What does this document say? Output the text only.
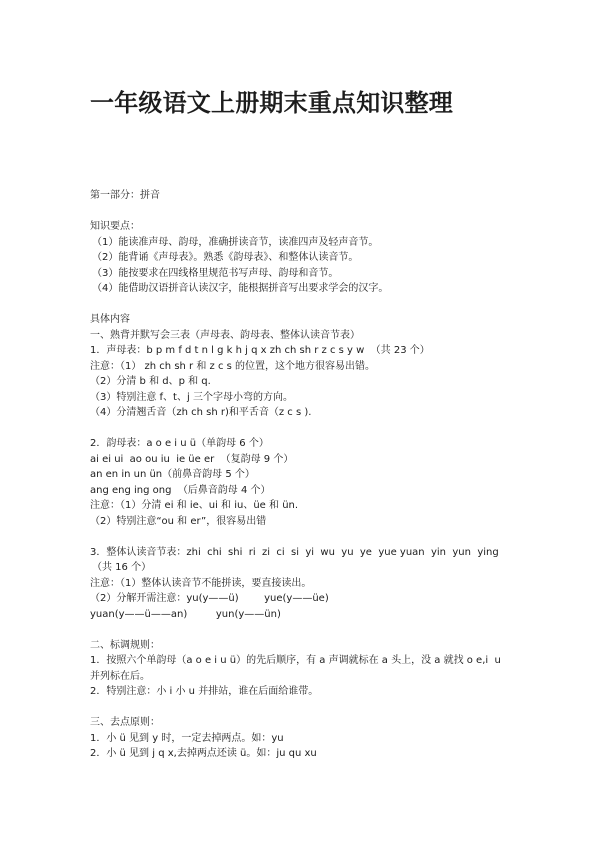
一年级语文上册期末重点知识整理
第一部分：拼音
知识要点：
（1）能读准声母、韵母，准确拼读音节，读准四声及轻声音节。
（2）能背诵《声母表》。熟悉《韵母表》、和整体认读音节。
（3）能按要求在四线格里规范书写声母、韵母和音节。
（4）能借助汉语拼音认读汉字，能根据拼音写出要求学会的汉字。
具体内容
一、熟背并默写会三表（声母表、韵母表、整体认读音节表）
1．声母表：b p m f d t n l g k h j q x zh ch sh r z c s y w  （共 23 个）
注意：（1） zh ch sh r 和 z c s 的位置，这个地方很容易出错。
（2）分清 b 和 d、p 和 q.
（3）特别注意 f、t、j 三个字母小弯的方向。
（4）分清翘舌音（zh ch sh r)和平舌音（z c s ).
2．韵母表：a o e i u ü（单韵母 6 个）
ai ei ui  ao ou iu  ie üe er  （复韵母 9 个）
an en in un ün（前鼻音韵母 5 个）
ang eng ing ong  （后鼻音韵母 4 个）
注意：（1）分清 ei 和 ie、ui 和 iu、üe 和 ün.
（2）特别注意“ou 和 er”，很容易出错
3．整体认读音节表：zhi  chi  shi  ri  zi  ci  si  yi  wu  yu  ye  yue yuan  yin  yun  ying
（共 16 个）
注意：（1）整体认读音节不能拼读，要直接读出。
（2）分解开需注意：yu(y——ü)        yue(y——üe)
yuan(y——ü——an)         yun(y——ün)
二、标调规则：
1．按照六个单韵母（a o e i u ü）的先后顺序，有 a 声调就标在 a 头上，没 a 就找 o e,i  u
并列标在后。
2．特别注意：小 i 小 u 并排站，谁在后面给谁带。
三、去点原则：
1．小 ü 见到 y 时，一定去掉两点。如：yu
2．小 ü 见到 j q x,去掉两点还读 ü。如：ju qu xu
